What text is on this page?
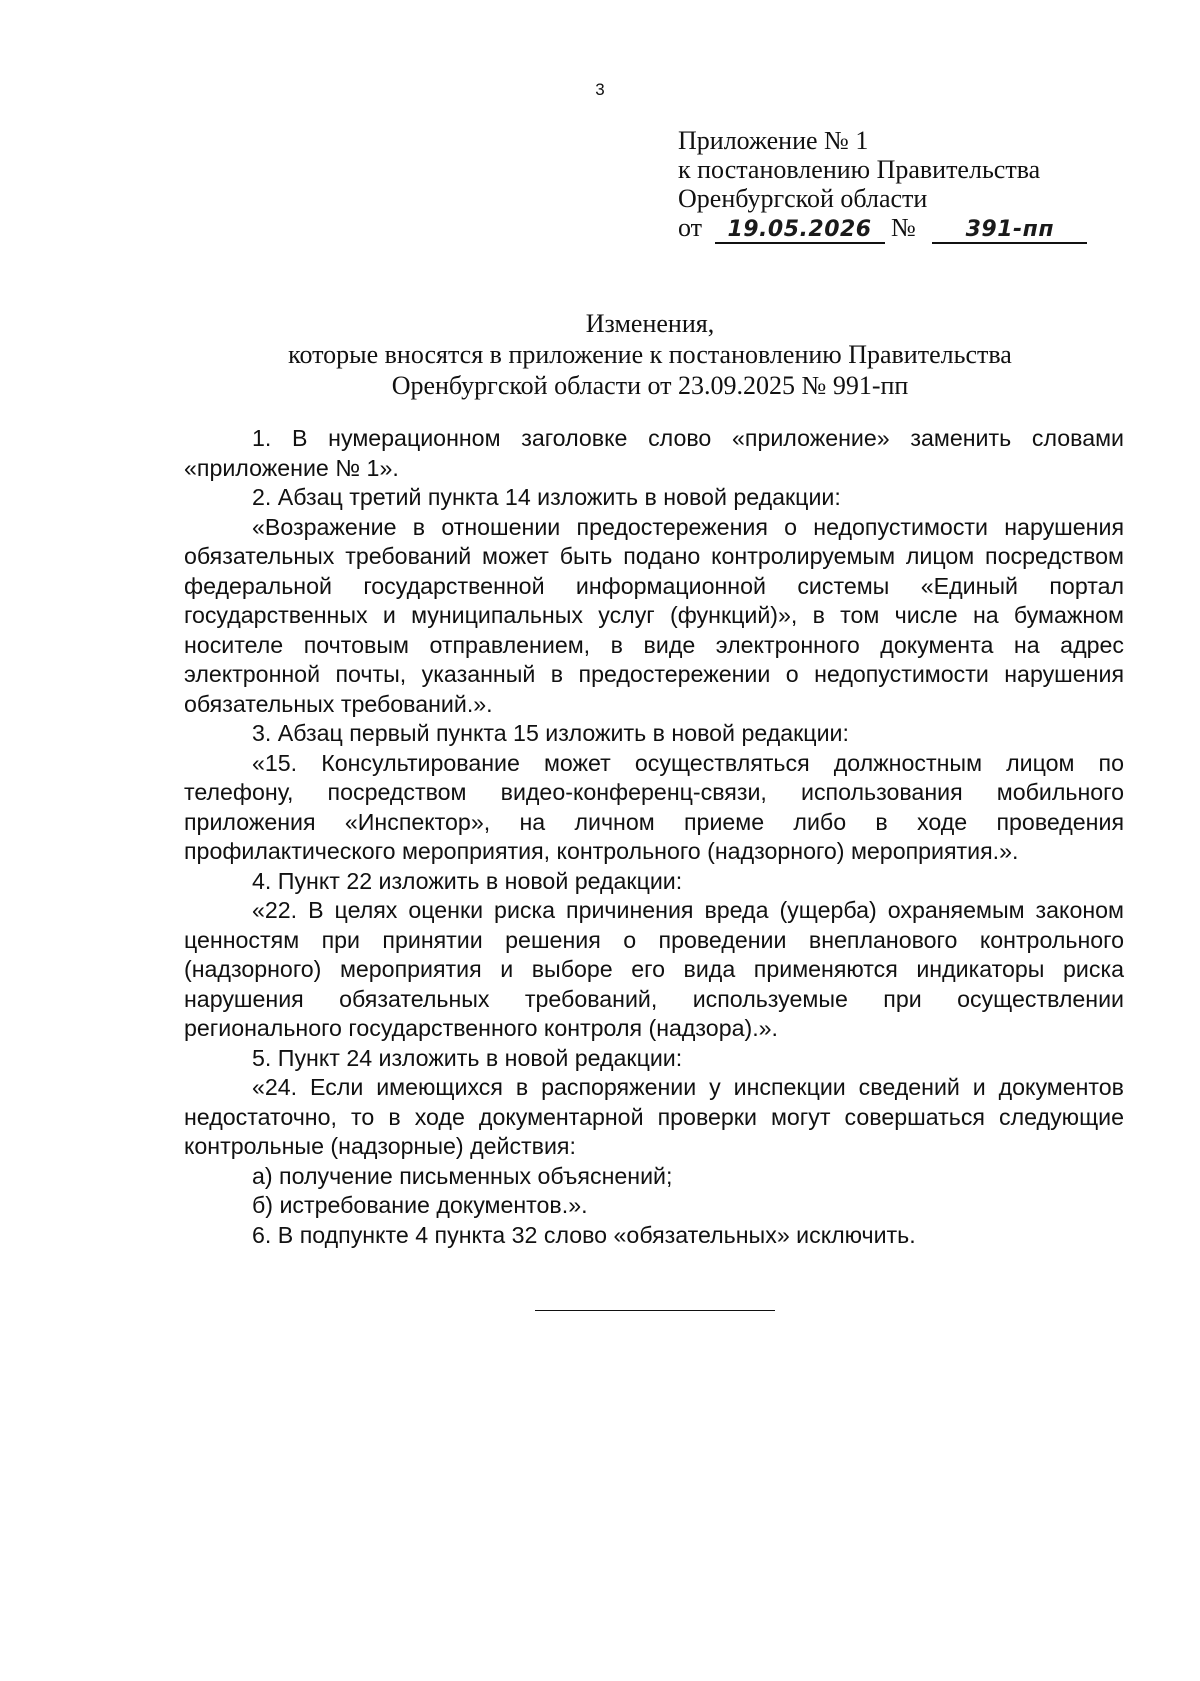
3
Приложение № 1
к постановлению Правительства
Оренбургской области
от 19.05.2026 № 391-пп
Изменения,
которые вносятся в приложение к постановлению Правительства
Оренбургской области от 23.09.2025 № 991-пп

1. В нумерационном заголовке слово «приложение» заменить словами «приложение № 1».

2. Абзац третий пункта 14 изложить в новой редакции:

«Возражение в отношении предостережения о недопустимости нарушения обязательных требований может быть подано контролируемым лицом посредством федеральной государственной информационной системы «Единый портал государственных и муниципальных услуг (функций)», в том числе на бумажном носителе почтовым отправлением, в виде электронного документа на адрес электронной почты, указанный в предостережении о недопустимости нарушения обязательных требований.».

3. Абзац первый пункта 15 изложить в новой редакции:

«15. Консультирование может осуществляться должностным лицом по телефону, посредством видео-конференц-связи, использования мобильного приложения «Инспектор», на личном приеме либо в ходе проведения профилактического мероприятия, контрольного (надзорного) мероприятия.».

4. Пункт 22 изложить в новой редакции:

«22. В целях оценки риска причинения вреда (ущерба) охраняемым законом ценностям при принятии решения о проведении внепланового контрольного (надзорного) мероприятия и выборе его вида применяются индикаторы риска нарушения обязательных требований, используемые при осуществлении регионального государственного контроля (надзора).».

5. Пункт 24 изложить в новой редакции:

«24. Если имеющихся в распоряжении у инспекции сведений и документов недостаточно, то в ходе документарной проверки могут совершаться следующие контрольные (надзорные) действия:

а) получение письменных объяснений;

б) истребование документов.».

6. В подпункте 4 пункта 32 слово «обязательных» исключить.
